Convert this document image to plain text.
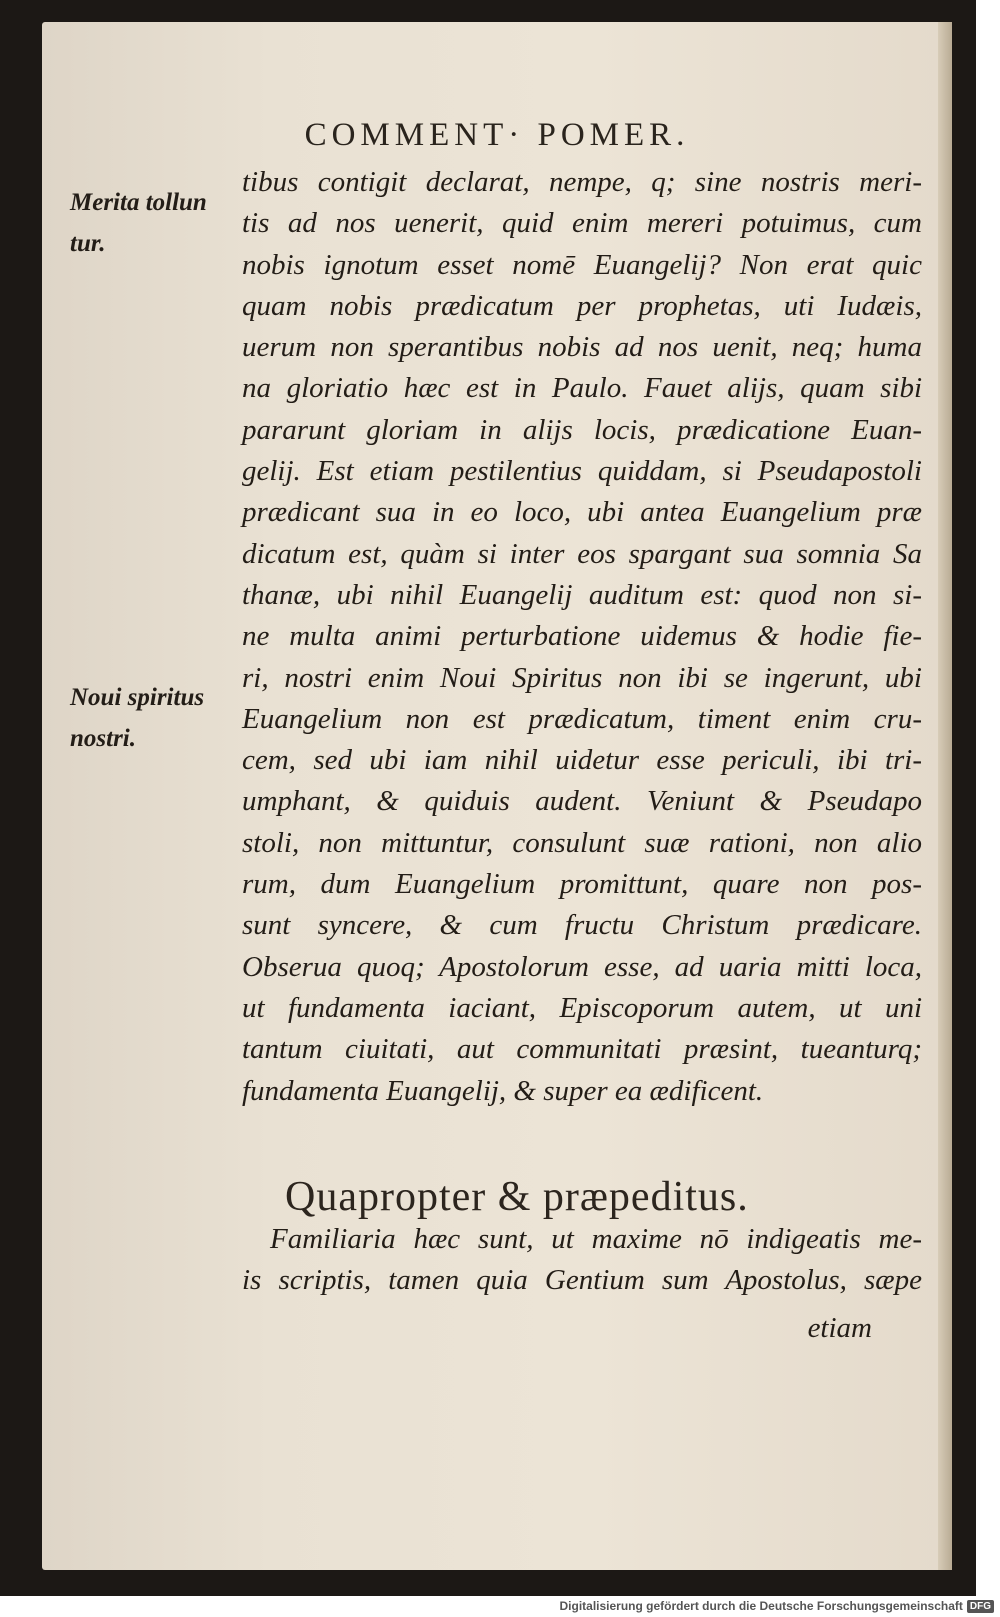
COMMENT· POMER.
Merita tollun
tur.
Noui spiritus
nostri.
tibus contigit declarat, nempe, q; sine nostris meri-
tis ad nos uenerit, quid enim mereri potuimus, cum
nobis ignotum esset nomē Euangelij? Non erat quic
quam nobis prædicatum per prophetas, uti Iudæis,
uerum non sperantibus nobis ad nos uenit, neq; huma
na gloriatio hæc est in Paulo. Fauet alijs, quam sibi
pararunt gloriam in alijs locis, prædicatione Euan-
gelij. Est etiam pestilentius quiddam, si Pseudapostoli
prædicant sua in eo loco, ubi antea Euangelium præ
dicatum est, quàm si inter eos spargant sua somnia Sa
thanæ, ubi nihil Euangelij auditum est: quod non si-
ne multa animi perturbatione uidemus & hodie fie-
ri, nostri enim Noui Spiritus non ibi se ingerunt, ubi
Euangelium non est prædicatum, timent enim cru-
cem, sed ubi iam nihil uidetur esse periculi, ibi tri-
umphant, & quiduis audent. Veniunt & Pseudapo
stoli, non mittuntur, consulunt suæ rationi, non alio
rum, dum Euangelium promittunt, quare non pos-
sunt syncere, & cum fructu Christum prædicare.
Obserua quoq; Apostolorum esse, ad uaria mitti loca,
ut fundamenta iaciant, Episcoporum autem, ut uni
tantum ciuitati, aut communitati præsint, tueanturq;
fundamenta Euangelij, & super ea ædificent.
Quapropter & præpeditus.
Familiaria hæc sunt, ut maxime nō indigeatis me-
is scriptis, tamen quia Gentium sum Apostolus, sæpe
etiam
Digitalisierung gefördert durch die Deutsche Forschungsgemeinschaft DFG
